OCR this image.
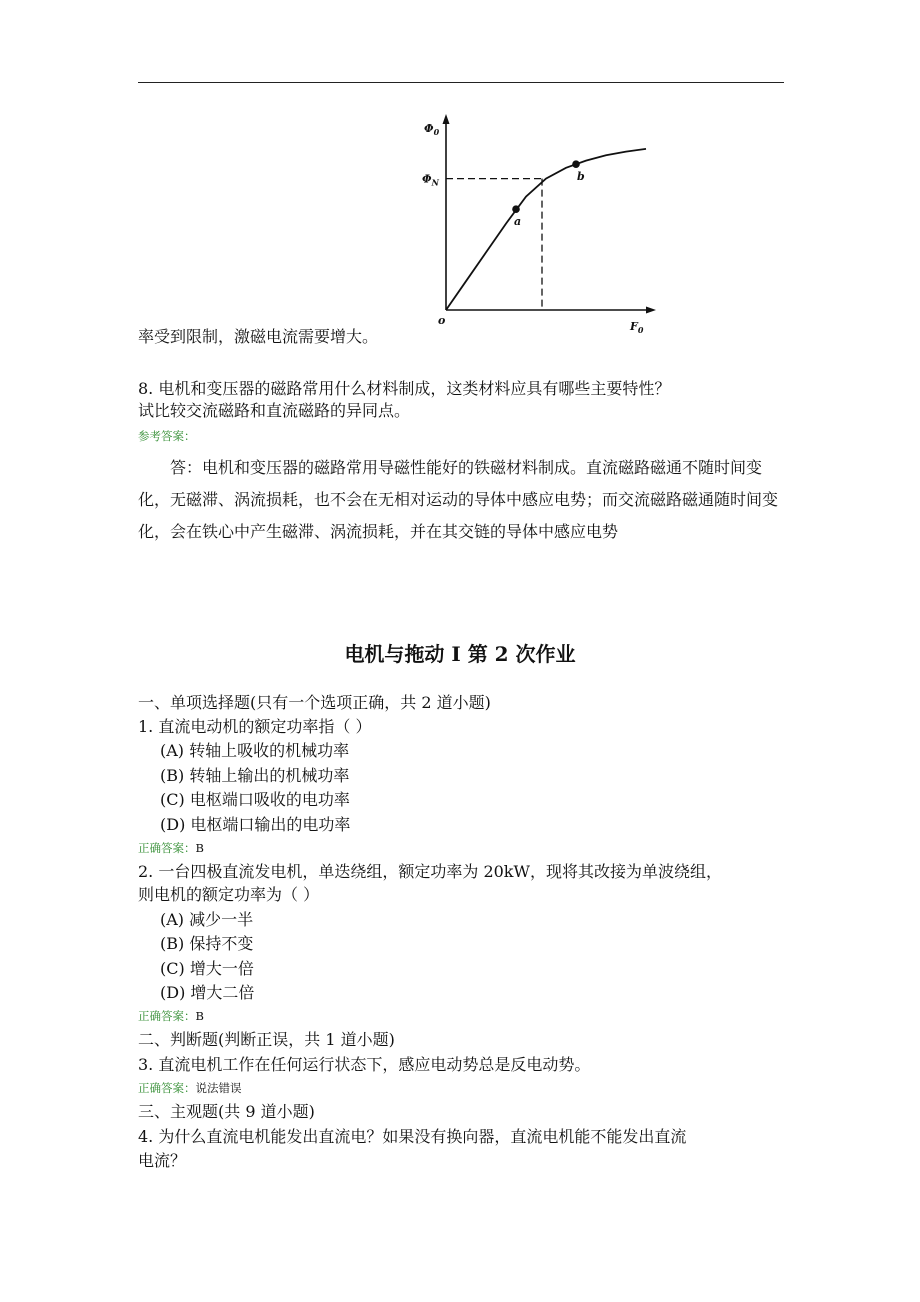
a
b
$\Phi_0$
$\Phi_N$
$F_0$
o
率受到限制，激磁电流需要增大。
8. 电机和变压器的磁路常用什么材料制成，这类材料应具有哪些主要特性？
试比较交流磁路和直流磁路的异同点。
参考答案：
答：电机和变压器的磁路常用导磁性能好的铁磁材料制成。直流磁路磁通不随时间变化，无磁滞、涡流损耗，也不会在无相对运动的导体中感应电势；而交流磁路磁通随时间变化，会在铁心中产生磁滞、涡流损耗，并在其交链的导体中感应电势
电机与拖动 I 第 2 次作业
一、单项选择题(只有一个选项正确，共 2 道小题)
1. 直流电动机的额定功率指（ ）
(A) 转轴上吸收的机械功率
(B) 转轴上输出的机械功率
(C) 电枢端口吸收的电功率
(D) 电枢端口输出的电功率
正确答案：B
2. 一台四极直流发电机，单迭绕组，额定功率为 20kW，现将其改接为单波绕组，
则电机的额定功率为（ ）
(A) 减少一半
(B) 保持不变
(C) 增大一倍
(D) 增大二倍
正确答案：B
二、判断题(判断正误，共 1 道小题)
3. 直流电机工作在任何运行状态下，感应电动势总是反电动势。
正确答案：说法错误
三、主观题(共 9 道小题)
4. 为什么直流电机能发出直流电？如果没有换向器，直流电机能不能发出直流
电流？
